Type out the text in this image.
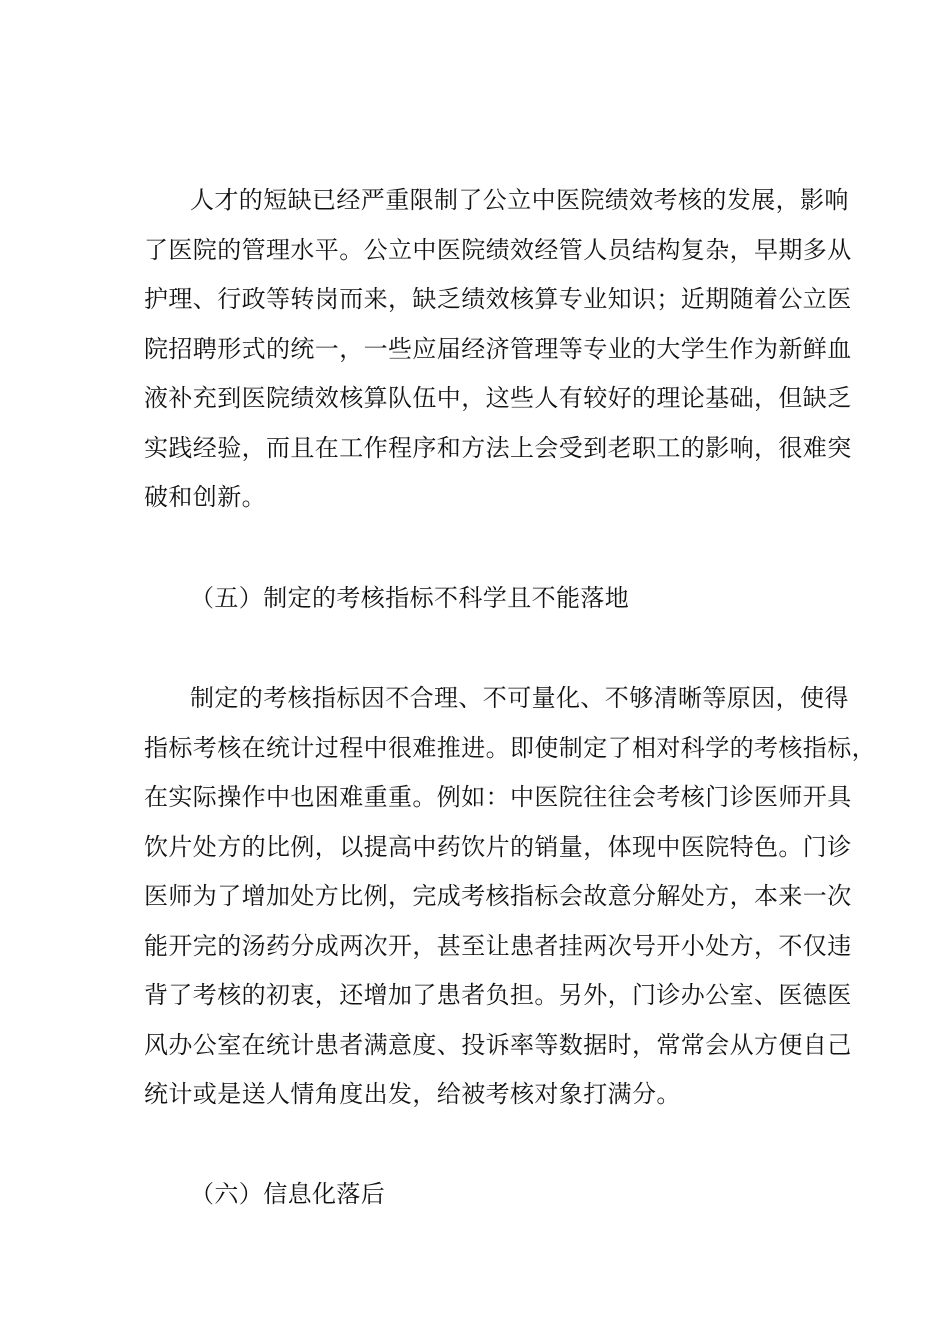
人才的短缺已经严重限制了公立中医院绩效考核的发展，影响
了医院的管理水平。公立中医院绩效经管人员结构复杂，早期多从
护理、行政等转岗而来，缺乏绩效核算专业知识；近期随着公立医
院招聘形式的统一，一些应届经济管理等专业的大学生作为新鲜血
液补充到医院绩效核算队伍中，这些人有较好的理论基础，但缺乏
实践经验，而且在工作程序和方法上会受到老职工的影响，很难突
破和创新。
（五）制定的考核指标不科学且不能落地
制定的考核指标因不合理、不可量化、不够清晰等原因，使得
指标考核在统计过程中很难推进。即使制定了相对科学的考核指标，
在实际操作中也困难重重。例如：中医院往往会考核门诊医师开具
饮片处方的比例，以提高中药饮片的销量，体现中医院特色。门诊
医师为了增加处方比例，完成考核指标会故意分解处方，本来一次
能开完的汤药分成两次开，甚至让患者挂两次号开小处方，不仅违
背了考核的初衷，还增加了患者负担。另外，门诊办公室、医德医
风办公室在统计患者满意度、投诉率等数据时，常常会从方便自己
统计或是送人情角度出发，给被考核对象打满分。
（六）信息化落后
